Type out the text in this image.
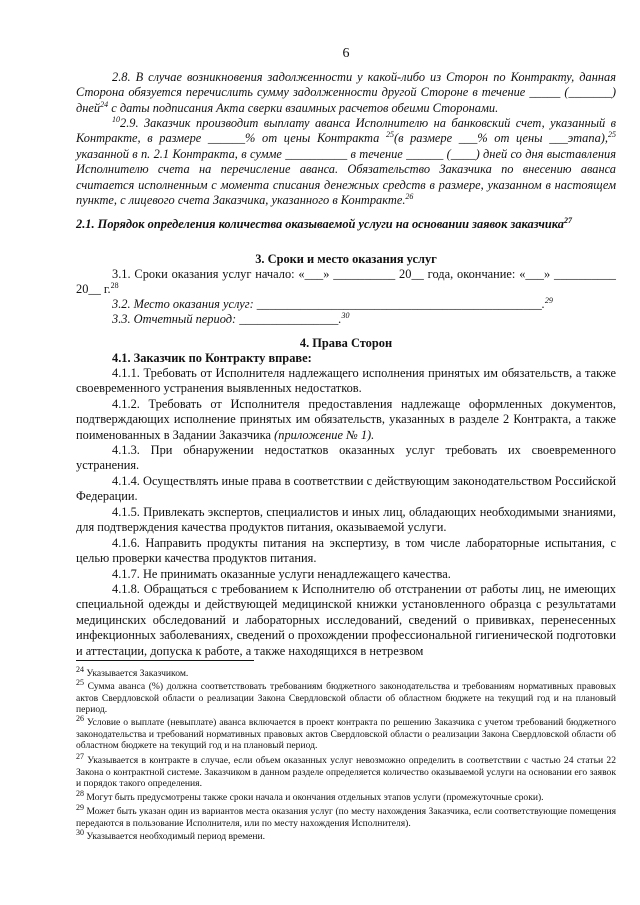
6
2.8. В случае возникновения задолженности у какой-либо из Сторон по Контракту, данная Сторона обязуется перечислить сумму задолженности другой Стороне в течение _____ (_______) дней$^{24}$ с даты подписания Акта сверки взаимных расчетов обеими Сторонами.
$^{10}$2.9. Заказчик производит выплату аванса Исполнителю на банковский счет, указанный в Контракте, в размере ______% от цены Контракта $^{25}$(в размере ___% от цены ___этапа),$^{25}$ указанной в п. 2.1 Контракта, в сумме __________ в течение ______ (____) дней со дня выставления Исполнителю счета на перечисление аванса. Обязательство Заказчика по внесению аванса считается исполненным с момента списания денежных средств в размере, указанном в настоящем пункте, с лицевого счета Заказчика, указанного в Контракте.$^{26}$
2.1. Порядок определения количества оказываемой услуги на основании заявок заказчика$^{27}$
3. Сроки и место оказания услуг
3.1. Сроки оказания услуг начало: «___» __________ 20__ года, окончание: «___» __________ 20__ г.$^{28}$
3.2. Место оказания услуг: ______________________________________________.$^{29}$
3.3. Отчетный период: ________________.$^{30}$
4. Права Сторон
4.1. Заказчик по Контракту вправе:
4.1.1. Требовать от Исполнителя надлежащего исполнения принятых им обязательств, а также своевременного устранения выявленных недостатков.
4.1.2. Требовать от Исполнителя предоставления надлежаще оформленных документов, подтверждающих исполнение принятых им обязательств, указанных в разделе 2 Контракта, а также поименованных в Задании Заказчика (приложение № 1).
4.1.3. При обнаружении недостатков оказанных услуг требовать их своевременного устранения.
4.1.4. Осуществлять иные права в соответствии с действующим законодательством Российской Федерации.
4.1.5. Привлекать экспертов, специалистов и иных лиц, обладающих необходимыми знаниями, для подтверждения качества продуктов питания, оказываемой услуги.
4.1.6. Направить продукты питания на экспертизу, в том числе лабораторные испытания, с целью проверки качества продуктов питания.
4.1.7. Не принимать оказанные услуги ненадлежащего качества.
4.1.8. Обращаться с требованием к Исполнителю об отстранении от работы лиц, не имеющих специальной одежды и действующей медицинской книжки установленного образца с результатами медицинских обследований и лабораторных исследований, сведений о прививках, перенесенных инфекционных заболеваниях, сведений о прохождении профессиональной гигиенической подготовки и аттестации, допуска к работе, а также находящихся в нетрезвом
$^{24}$ Указывается Заказчиком.
$^{25}$ Сумма аванса (%) должна соответствовать требованиям бюджетного законодательства и требованиям нормативных правовых актов Свердловской области о реализации Закона Свердловской области об областном бюджете на текущий год и на плановый период.
$^{26}$ Условие о выплате (невыплате) аванса включается в проект контракта по решению Заказчика с учетом требований бюджетного законодательства и требований нормативных правовых актов Свердловской области о реализации Закона Свердловской области об областном бюджете на текущий год и на плановый период.
$^{27}$ Указывается в контракте в случае, если объем оказанных услуг невозможно определить в соответствии с частью 24 статьи 22 Закона о контрактной системе. Заказчиком в данном разделе определяется количество оказываемой услуги на основании его заявок и порядок такого определения.
$^{28}$ Могут быть предусмотрены также сроки начала и окончания отдельных этапов услуги (промежуточные сроки).
$^{29}$ Может быть указан один из вариантов места оказания услуг (по месту нахождения Заказчика, если соответствующие помещения передаются в пользование Исполнителя, или по месту нахождения Исполнителя).
$^{30}$ Указывается необходимый период времени.
